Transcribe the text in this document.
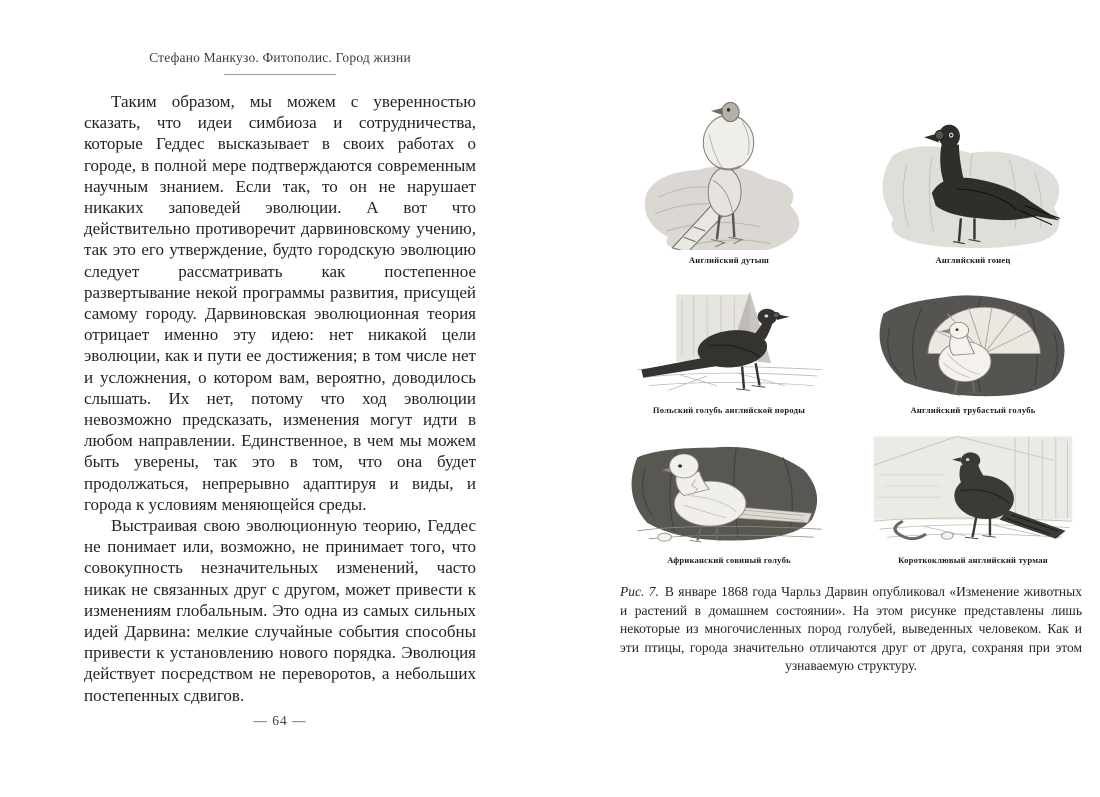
Стефано Манкузо. Фитополис. Город жизни

Таким образом, мы можем с уверенностью сказать, что идеи симбиоза и сотрудничества, которые Геддес высказывает в своих работах о городе, в полной мере подтверждаются современным научным знанием. Если так, то он не нарушает никаких заповедей эволюции. А вот что действительно противоречит дарвиновскому учению, так это его утверждение, будто городскую эволюцию следует рассматривать как постепенное развертывание некой программы развития, присущей самому городу. Дарвиновская эволюционная теория отрицает именно эту идею: нет никакой цели эволюции, как и пути ее достижения; в том числе нет и усложнения, о котором вам, вероятно, доводилось слышать. Их нет, потому что ход эволюции невозможно предсказать, изменения могут идти в любом направлении. Единственное, в чем мы можем быть уверены, так это в том, что она будет продолжаться, непрерывно адаптируя и виды, и города к условиям меняющейся среды.

Выстраивая свою эволюционную теорию, Геддес не понимает или, возможно, не принимает того, что совокупность незначительных изменений, часто никак не связанных друг с другом, может привести к изменениям глобальным. Это одна из самых сильных идей Дарвина: мелкие случайные события способны привести к установлению нового порядка. Эволюция действует посредством не переворотов, а небольших постепенных сдвигов.

— 64 —
Английский дутыш	Английский гонец
Польский голубь английской породы	Английский трубастый голубь
Африканский совиный голубь	Короткоклювый английский турман

Рис. 7. В январе 1868 года Чарльз Дарвин опубликовал «Изменение животных и растений в домашнем состоянии». На этом рисунке представлены лишь некоторые из многочисленных пород голубей, выведенных человеком. Как и эти птицы, города значительно отличаются друг от друга, сохраняя при этом узнаваемую структуру.
